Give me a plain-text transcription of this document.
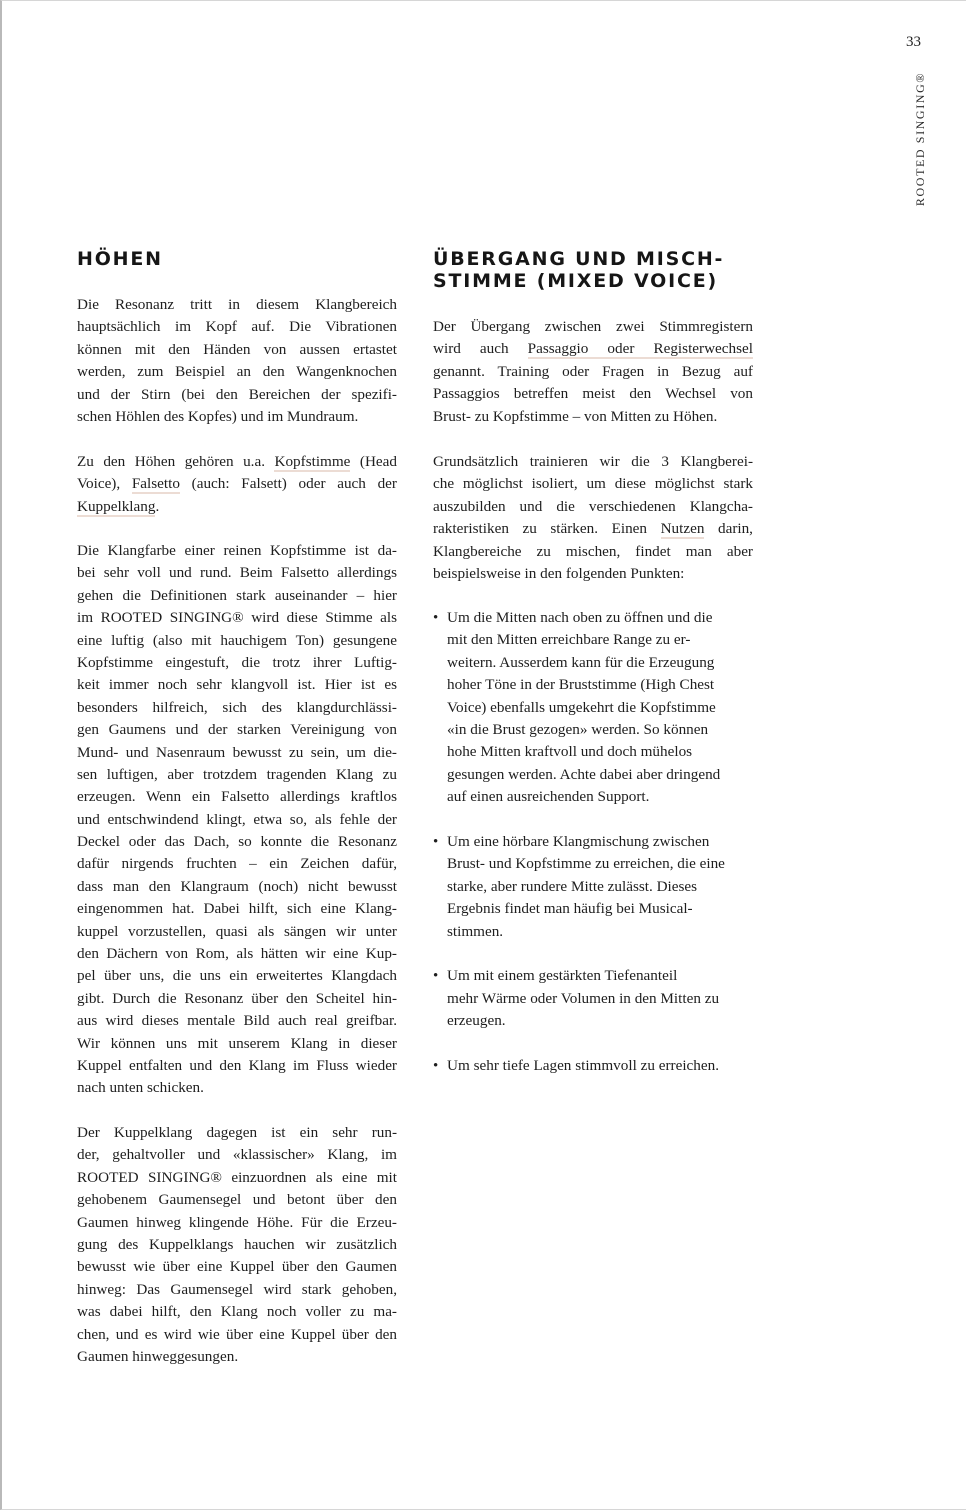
33
ROOTED SINGING®
HÖHEN
Die Resonanz tritt in diesem Klangbereich
hauptsächlich im Kopf auf. Die Vibrationen
können mit den Händen von aussen ertastet
werden, zum Beispiel an den Wangenknochen
und der Stirn (bei den Bereichen der spezifi-
schen Höhlen des Kopfes) und im Mundraum.
Zu den Höhen gehören u.a. Kopfstimme (Head
Voice), Falsetto (auch: Falsett) oder auch der
Kuppelklang.
Die Klangfarbe einer reinen Kopfstimme ist da-
bei sehr voll und rund. Beim Falsetto allerdings
gehen die Definitionen stark auseinander – hier
im ROOTED SINGING® wird diese Stimme als
eine luftig (also mit hauchigem Ton) gesungene
Kopfstimme eingestuft, die trotz ihrer Luftig-
keit immer noch sehr klangvoll ist. Hier ist es
besonders hilfreich, sich des klangdurchlässi-
gen Gaumens und der starken Vereinigung von
Mund- und Nasenraum bewusst zu sein, um die-
sen luftigen, aber trotzdem tragenden Klang zu
erzeugen. Wenn ein Falsetto allerdings kraftlos
und entschwindend klingt, etwa so, als fehle der
Deckel oder das Dach, so konnte die Resonanz
dafür nirgends fruchten – ein Zeichen dafür,
dass man den Klangraum (noch) nicht bewusst
eingenommen hat. Dabei hilft, sich eine Klang-
kuppel vorzustellen, quasi als sängen wir unter
den Dächern von Rom, als hätten wir eine Kup-
pel über uns, die uns ein erweitertes Klangdach
gibt. Durch die Resonanz über den Scheitel hin-
aus wird dieses mentale Bild auch real greifbar.
Wir können uns mit unserem Klang in dieser
Kuppel entfalten und den Klang im Fluss wieder
nach unten schicken.
Der Kuppelklang dagegen ist ein sehr run-
der, gehaltvoller und «klassischer» Klang, im
ROOTED SINGING® einzuordnen als eine mit
gehobenem Gaumensegel und betont über den
Gaumen hinweg klingende Höhe. Für die Erzeu-
gung des Kuppelklangs hauchen wir zusätzlich
bewusst wie über eine Kuppel über den Gaumen
hinweg: Das Gaumensegel wird stark gehoben,
was dabei hilft, den Klang noch voller zu ma-
chen, und es wird wie über eine Kuppel über den
Gaumen hinweggesungen.
ÜBERGANG UND MISCH-
STIMME (MIXED VOICE)
Der Übergang zwischen zwei Stimmregistern
wird auch Passaggio oder Registerwechsel
genannt. Training oder Fragen in Bezug auf
Passaggios betreffen meist den Wechsel von
Brust- zu Kopfstimme – von Mitten zu Höhen.
Grundsätzlich trainieren wir die 3 Klangberei-
che möglichst isoliert, um diese möglichst stark
auszubilden und die verschiedenen Klangcha-
rakteristiken zu stärken. Einen Nutzen darin,
Klangbereiche zu mischen, findet man aber
beispielsweise in den folgenden Punkten:
• Um die Mitten nach oben zu öffnen und die
mit den Mitten erreichbare Range zu er-
weitern. Ausserdem kann für die Erzeugung
hoher Töne in der Bruststimme (High Chest
Voice) ebenfalls umgekehrt die Kopfstimme
«in die Brust gezogen» werden. So können
hohe Mitten kraftvoll und doch mühelos
gesungen werden. Achte dabei aber dringend
auf einen ausreichenden Support.
• Um eine hörbare Klangmischung zwischen
Brust- und Kopfstimme zu erreichen, die eine
starke, aber rundere Mitte zulässt. Dieses
Ergebnis findet man häufig bei Musical-
stimmen.
• Um mit einem gestärkten Tiefenanteil
mehr Wärme oder Volumen in den Mitten zu
erzeugen.
• Um sehr tiefe Lagen stimmvoll zu erreichen.
